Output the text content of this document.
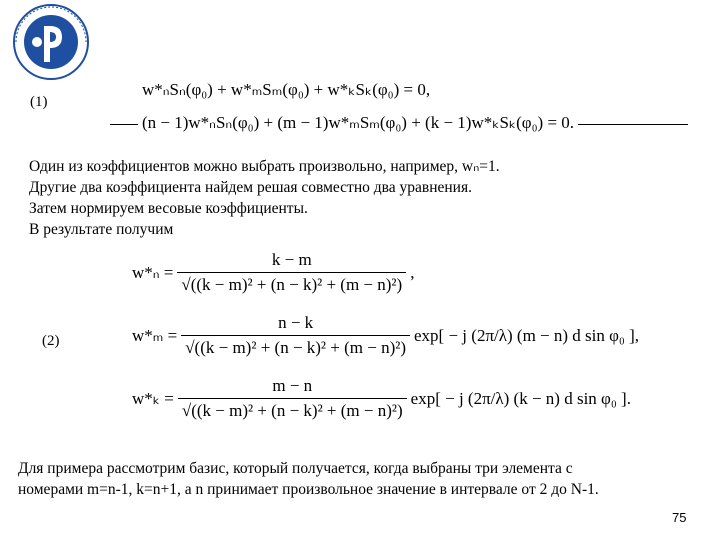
(1)
w*ₙSₙ(φ₀) + w*ₘSₘ(φ₀) + w*ₖSₖ(φ₀) = 0,
(n − 1)w*ₙSₙ(φ₀) + (m − 1)w*ₘSₘ(φ₀) + (k − 1)w*ₖSₖ(φ₀) = 0.
Один из коэффициентов можно выбрать произвольно, например, wₙ=1.
Другие два коэффициента найдем решая совместно два уравнения.
Затем нормируем весовые коэффициенты.
В результате получим
(2)
$w*_n = \frac{k - m}{\text{√((k − m)² + (n − k)² + (m − n)²)}}$ ,
$w*_m = \frac{n - k}{\text{√((k − m)² + (n − k)² + (m − n)²)}} \exp[ - j$ (2π/λ) (m − n) d sin φ₀ ],
$w*_k = \frac{m - n}{\text{√((k − m)² + (n − k)² + (m − n)²)}} \exp[ - j$ (2π/λ) (k − n) d sin φ₀ ].
Для примера рассмотрим базис, который получается, когда выбраны три элемента с
номерами m=n-1, k=n+1, а n принимает произвольное значение в интервале от 2 до N-1.
75
